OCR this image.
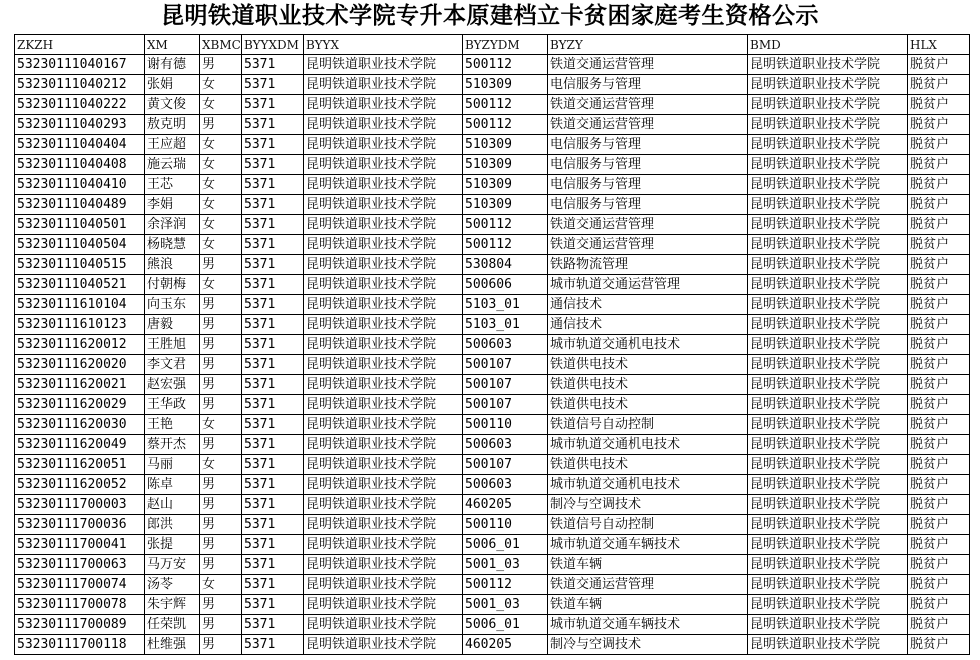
昆明铁道职业技术学院专升本原建档立卡贫困家庭考生资格公示
ZKZH	XM	XBMC	BYYXDM	BYYX	BYZYDM	BYZY	BMD	HLX
53230111040167	谢有德	男	5371	昆明铁道职业技术学院	500112	铁道交通运营管理	昆明铁道职业技术学院	脱贫户
53230111040212	张娟	女	5371	昆明铁道职业技术学院	510309	电信服务与管理	昆明铁道职业技术学院	脱贫户
53230111040222	黄文俊	女	5371	昆明铁道职业技术学院	500112	铁道交通运营管理	昆明铁道职业技术学院	脱贫户
53230111040293	敖克明	男	5371	昆明铁道职业技术学院	500112	铁道交通运营管理	昆明铁道职业技术学院	脱贫户
53230111040404	王应超	女	5371	昆明铁道职业技术学院	510309	电信服务与管理	昆明铁道职业技术学院	脱贫户
53230111040408	施云瑞	女	5371	昆明铁道职业技术学院	510309	电信服务与管理	昆明铁道职业技术学院	脱贫户
53230111040410	王芯	女	5371	昆明铁道职业技术学院	510309	电信服务与管理	昆明铁道职业技术学院	脱贫户
53230111040489	李娟	女	5371	昆明铁道职业技术学院	510309	电信服务与管理	昆明铁道职业技术学院	脱贫户
53230111040501	余泽润	女	5371	昆明铁道职业技术学院	500112	铁道交通运营管理	昆明铁道职业技术学院	脱贫户
53230111040504	杨晓慧	女	5371	昆明铁道职业技术学院	500112	铁道交通运营管理	昆明铁道职业技术学院	脱贫户
53230111040515	熊浪	男	5371	昆明铁道职业技术学院	530804	铁路物流管理	昆明铁道职业技术学院	脱贫户
53230111040521	付朝梅	女	5371	昆明铁道职业技术学院	500606	城市轨道交通运营管理	昆明铁道职业技术学院	脱贫户
53230111610104	向玉东	男	5371	昆明铁道职业技术学院	5103_01	通信技术	昆明铁道职业技术学院	脱贫户
53230111610123	唐毅	男	5371	昆明铁道职业技术学院	5103_01	通信技术	昆明铁道职业技术学院	脱贫户
53230111620012	王胜旭	男	5371	昆明铁道职业技术学院	500603	城市轨道交通机电技术	昆明铁道职业技术学院	脱贫户
53230111620020	李文君	男	5371	昆明铁道职业技术学院	500107	铁道供电技术	昆明铁道职业技术学院	脱贫户
53230111620021	赵宏强	男	5371	昆明铁道职业技术学院	500107	铁道供电技术	昆明铁道职业技术学院	脱贫户
53230111620029	王华政	男	5371	昆明铁道职业技术学院	500107	铁道供电技术	昆明铁道职业技术学院	脱贫户
53230111620030	王艳	女	5371	昆明铁道职业技术学院	500110	铁道信号自动控制	昆明铁道职业技术学院	脱贫户
53230111620049	蔡开杰	男	5371	昆明铁道职业技术学院	500603	城市轨道交通机电技术	昆明铁道职业技术学院	脱贫户
53230111620051	马丽	女	5371	昆明铁道职业技术学院	500107	铁道供电技术	昆明铁道职业技术学院	脱贫户
53230111620052	陈卓	男	5371	昆明铁道职业技术学院	500603	城市轨道交通机电技术	昆明铁道职业技术学院	脱贫户
53230111700003	赵山	男	5371	昆明铁道职业技术学院	460205	制冷与空调技术	昆明铁道职业技术学院	脱贫户
53230111700036	郎洪	男	5371	昆明铁道职业技术学院	500110	铁道信号自动控制	昆明铁道职业技术学院	脱贫户
53230111700041	张提	男	5371	昆明铁道职业技术学院	5006_01	城市轨道交通车辆技术	昆明铁道职业技术学院	脱贫户
53230111700063	马万安	男	5371	昆明铁道职业技术学院	5001_03	铁道车辆	昆明铁道职业技术学院	脱贫户
53230111700074	汤苓	女	5371	昆明铁道职业技术学院	500112	铁道交通运营管理	昆明铁道职业技术学院	脱贫户
53230111700078	朱宇辉	男	5371	昆明铁道职业技术学院	5001_03	铁道车辆	昆明铁道职业技术学院	脱贫户
53230111700089	任荣凯	男	5371	昆明铁道职业技术学院	5006_01	城市轨道交通车辆技术	昆明铁道职业技术学院	脱贫户
53230111700118	杜维强	男	5371	昆明铁道职业技术学院	460205	制冷与空调技术	昆明铁道职业技术学院	脱贫户
